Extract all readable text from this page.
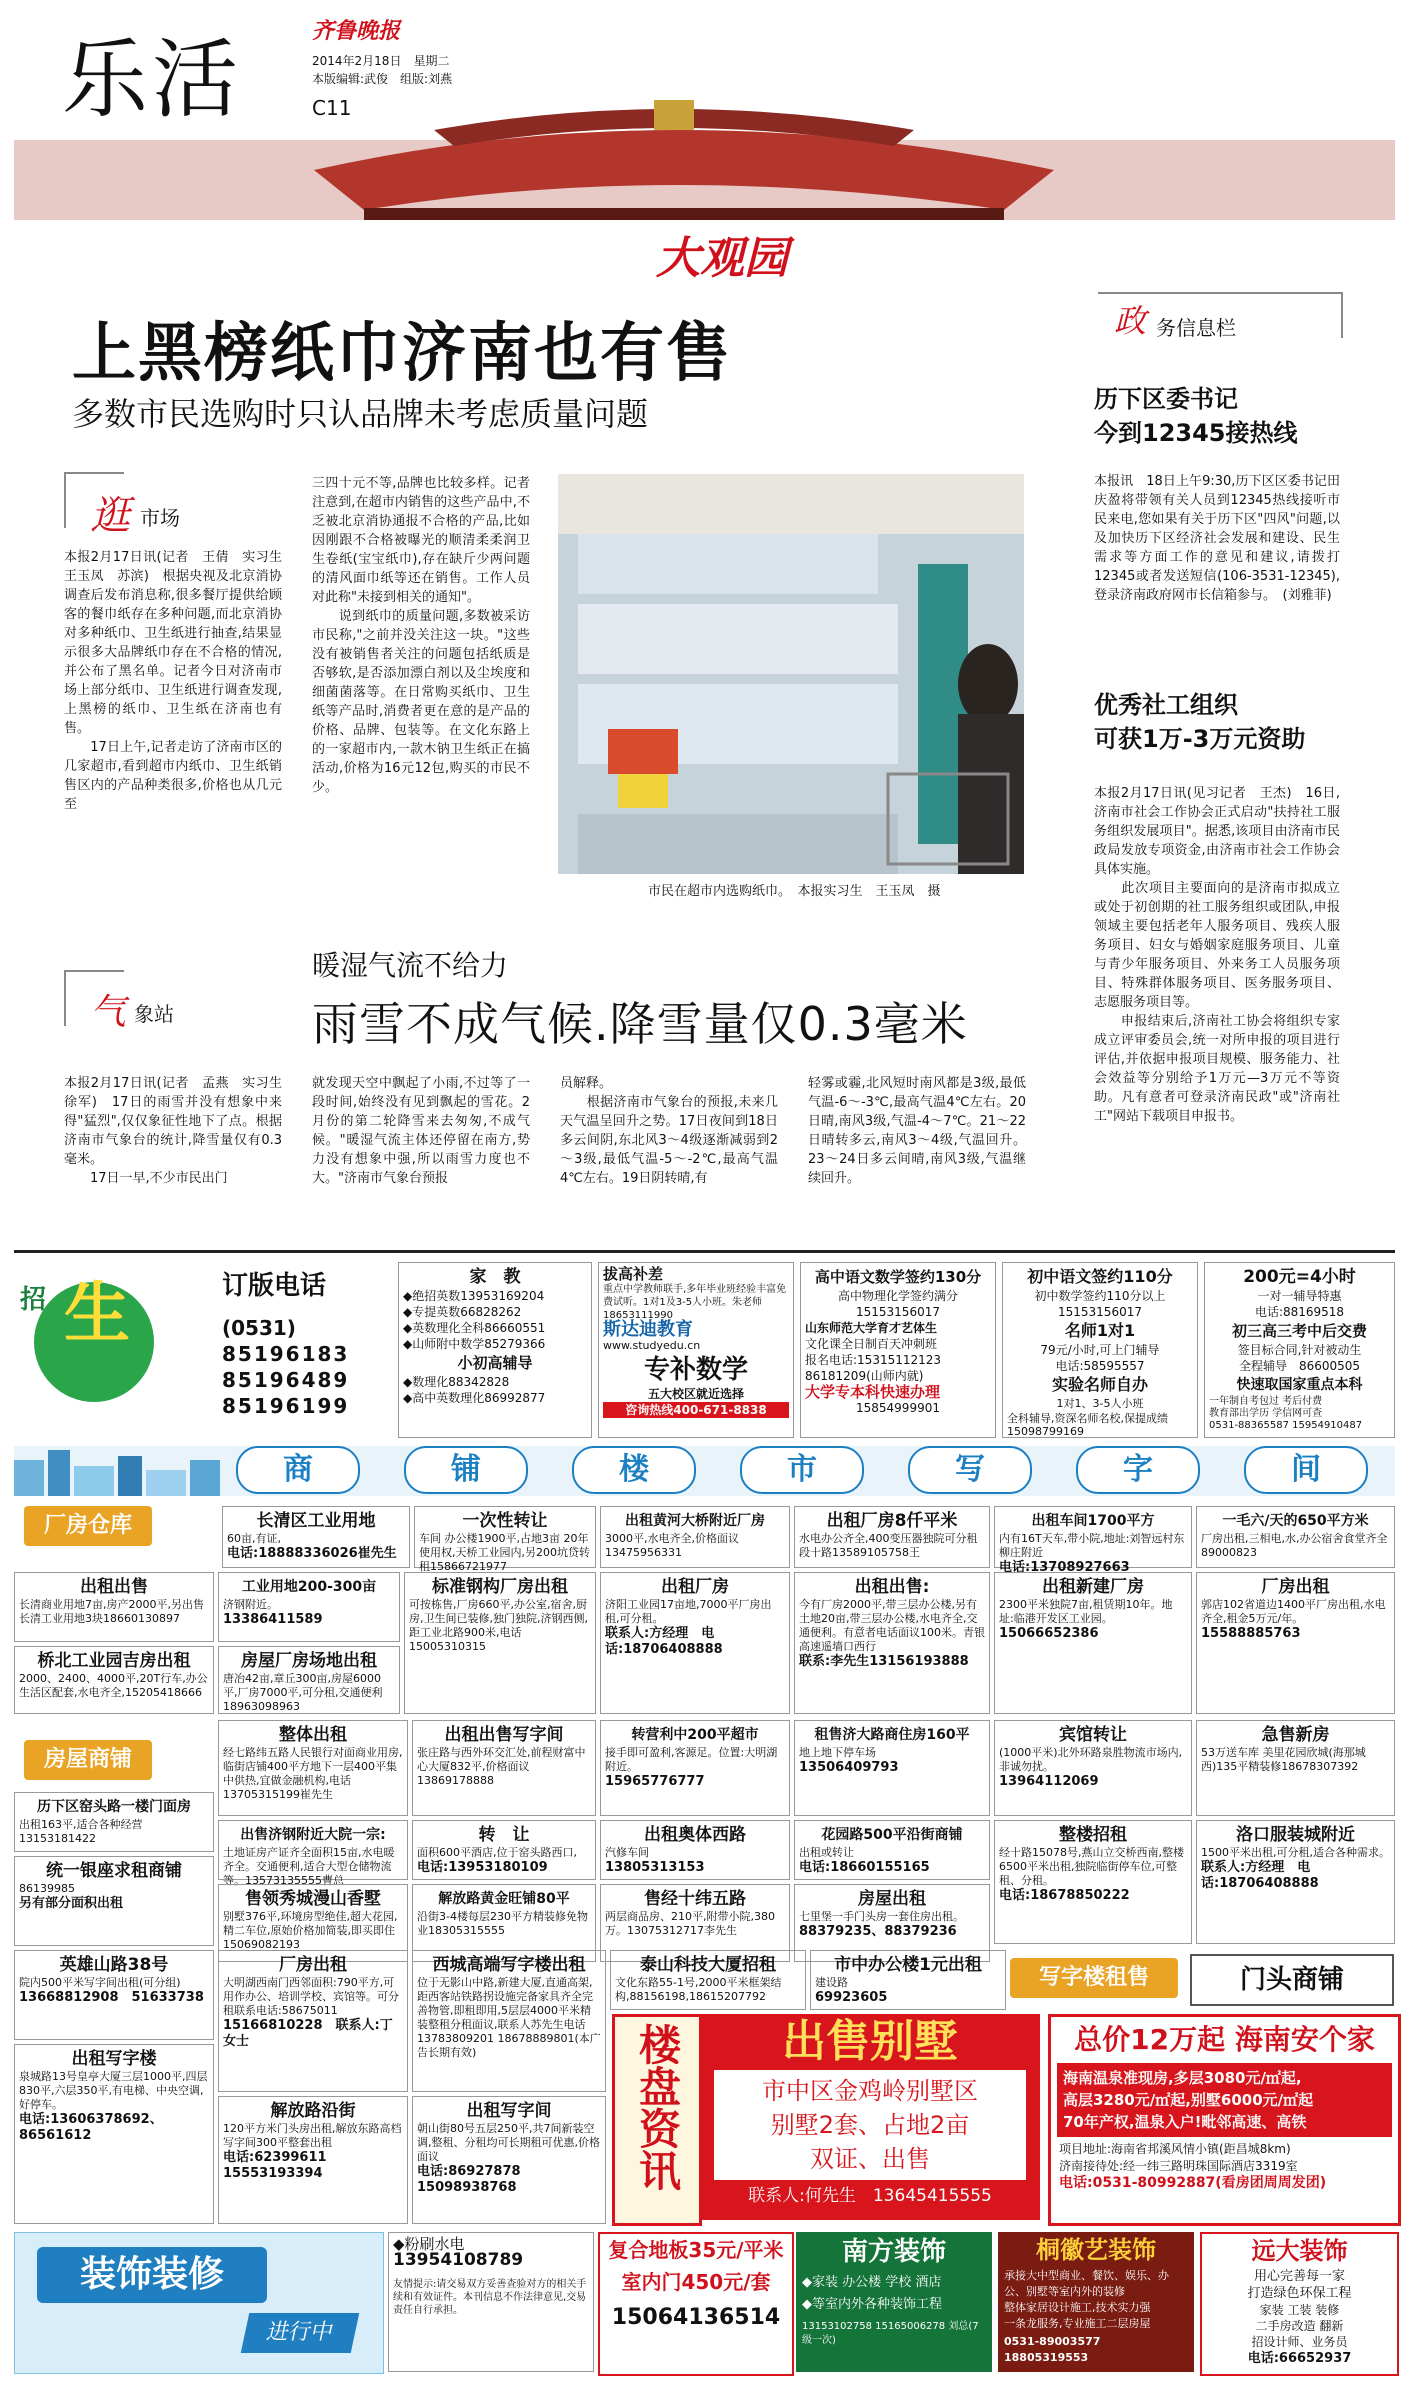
乐活	齐鲁晚报
2014年2月18日　星期二
本版编辑:武俊　组版:刘燕
C11
大观园
上黑榜纸巾济南也有售
多数市民选购时只认品牌未考虑质量问题
逛 市场
本报2月17日讯(记者　王倩　实习生　王玉凤　苏滨)　根据央视及北京消协调查后发布消息称,很多餐厅提供给顾客的餐巾纸存在多种问题,而北京消协对多种纸巾、卫生纸进行抽查,结果显示很多大品牌纸巾存在不合格的情况,并公布了黑名单。记者今日对济南市场上部分纸巾、卫生纸进行调查发现,上黑榜的纸巾、卫生纸在济南也有售。
　　17日上午,记者走访了济南市区的几家超市,看到超市内纸巾、卫生纸销售区内的产品种类很多,价格也从几元至
三四十元不等,品牌也比较多样。记者注意到,在超市内销售的这些产品中,不乏被北京消协通报不合格的产品,比如因刚跟不合格被曝光的顺清柔柔润卫生卷纸(宝宝纸巾),存在缺斤少两问题的清风面巾纸等还在销售。工作人员对此称"未接到相关的通知"。
　　说到纸巾的质量问题,多数被采访市民称,"之前并没关注这一块。"这些没有被销售者关注的问题包括纸质是否够软,是否添加漂白剂以及尘埃度和细菌菌落等。在日常购买纸巾、卫生纸等产品时,消费者更在意的是产品的价格、品牌、包装等。在文化东路上的一家超市内,一款木钠卫生纸正在搞活动,价格为16元12包,购买的市民不少。
市民在超市内选购纸巾。　本报实习生　王玉凤　摄
暖湿气流不给力
雨雪不成气候.降雪量仅0.3毫米
气 象站
本报2月17日讯(记者　孟燕　实习生　徐军)　17日的雨雪并没有想象中来得"猛烈",仅仅象征性地下了点。根据济南市气象台的统计,降雪量仅有0.3毫米。
　　17日一早,不少市民出门
就发现天空中飘起了小雨,不过等了一段时间,始终没有见到飘起的雪花。2月份的第二轮降雪来去匆匆,不成气候。"暖湿气流主体还停留在南方,势力没有想象中强,所以雨雪力度也不大。"济南市气象台预报
员解释。
　　根据济南市气象台的预报,未来几天气温呈回升之势。17日夜间到18日多云间阴,东北风3～4级逐渐减弱到2～3级,最低气温-5～-2℃,最高气温4℃左右。19日阴转晴,有
轻雾或霾,北风短时南风都是3级,最低气温-6～-3℃,最高气温4℃左右。20日晴,南风3级,气温-4～7℃。21～22日晴转多云,南风3～4级,气温回升。23～24日多云间晴,南风3级,气温继续回升。
政 务信息栏
历下区委书记
今到12345接热线
本报讯　18日上午9:30,历下区区委书记田庆盈将带领有关人员到12345热线接听市民来电,您如果有关于历下区"四风"问题,以及加快历下区经济社会发展和建设、民生需求等方面工作的意见和建议,请拨打12345或者发送短信(106-3531-12345),登录济南政府网市长信箱参与。　(刘雅菲)
优秀社工组织
可获1万-3万元资助
本报2月17日讯(见习记者　王杰)　16日,济南市社会工作协会正式启动"扶持社工服务组织发展项目"。据悉,该项目由济南市民政局发放专项资金,由济南市社会工作协会具体实施。
　　此次项目主要面向的是济南市拟成立或处于初创期的社工服务组织或团队,申报领域主要包括老年人服务项目、残疾人服务项目、妇女与婚姻家庭服务项目、儿童与青少年服务项目、外来务工人员服务项目、特殊群体服务项目、医务服务项目、志愿服务项目等。
　　申报结束后,济南社工协会将组织专家成立评审委员会,统一对所申报的项目进行评估,并依据申报项目规模、服务能力、社会效益等分别给予1万元—3万元不等资助。凡有意者可登录济南民政"或"济南社工"网站下载项目申报书。
招 生	订版电话
(0531)
85196183
85196489
85196199
家　教
◆绝招英数13953169204
◆专提英数66828262
◆英数理化全科86660551
◆山师附中数学85279366
小初高辅导
◆数理化88342828
◆高中英数理化86992877
拔高补差
重点中学教师联手,多年毕业班经验丰富免费试听。1对1及3-5人小班。朱老师18653111990
斯达迪教育
www.studyedu.cn
专补数学
五大校区就近选择
咨询热线400-671-8838
高中语文数学签约130分
高中物理化学签约满分
15153156017
山东师范大学育才艺体生
文化课全日制百天冲刺班
报名电话:15315112123
86181209(山师内就)
大学专本科快速办理
15854999901
初中语文签约110分
初中数学签约110分以上
15153156017
名师1对1
79元/小时,可上门辅导
电话:58595557
实验名师自办
1对1、3-5人小班
全科辅导,资深名师名校,保提成绩　15098799169
200元=4小时
一对一辅导特惠
电话:88169518
初三高三考中后交费
签目标合同,针对被动生
全程辅导　86600505
快速取国家重点本科
一年制自考包过 考后付费
教育部出学历 学信网可查
0531-88365587 15954910487
商	铺	楼	市	写	字	间
厂房仓库
房屋商铺
写字楼租售	门头商铺
长清区工业用地
60亩,有证,
电话:18888336026崔先生
一次性转让
车间 办公楼1900平,占地3亩 20年使用权,天桥工业园内,另200坑贷转租15866721977
出租黄河大桥附近厂房
3000平,水电齐全,价格面议13475956331
出租厂房8仟平米
水电办公齐全,400变压器独院可分租段十路13589105758王
出租车间1700平方
内有16T天车,带小院,地址:刘智远村东柳庄附近
电话:13708927663
一毛六/天的650平方米
厂房出租,三相电,水,办公宿舍食堂齐全89000823
出租出售
长清商业用地7亩,房产2000平,另出售长清工业用地3块18660130897
工业用地200-300亩
济钢附近。
13386411589
标准钢构厂房出租
可按栋售,厂房660平,办公室,宿舍,厨房,卫生间已装修,独门独院,济钢西侧,距工业北路900米,电话15005310315
出租厂房
济阳工业园17亩地,7000平厂房出租,可分租。
联系人:方经理　电话:18706408888
出租出售:
今有厂房2000平,带三层办公楼,另有土地20亩,带三层办公楼,水电齐全,交通便利。有意者电话面议100米。青银高速遥墙口西行
联系:李先生13156193888
出租新建厂房
2300平米独院7亩,租赁期10年。地址:临港开发区工业园。
15066652386
厂房出租
郭店102省道边1400平厂房出租,水电齐全,租金5万元/年。
15588885763
桥北工业园吉房出租
2000、2400、4000平,20T行车,办公生活区配套,水电齐全,15205418666
房屋厂房场地出租
唐冶42亩,章丘300亩,房屋6000平,厂房7000平,可分租,交通便利18963098963
整体出租
经七路纬五路人民银行对面商业用房,临街店铺400平方地下一层400平集中供热,宜做金融机构,电话13705315199崔先生
出租出售写字间
张庄路与西外环交汇处,前程财富中心大厦832平,价格面议13869178888
转营利中200平超市
接手即可盈利,客源足。位置:大明湖附近。
15965776777
租售济大路商住房160平
地上地下停车场
13506409793
宾馆转让
(1000平米)北外环路泉胜物流市场内,非诚勿扰。
13964112069
急售新房
53万送车库 美里花园欣城(海那城西)135平精装修18678307392
历下区窑头路一楼门面房
出租163平,适合各种经营13153181422	出售济钢附近大院一宗:
土地证房产证齐全面积15亩,水电暖齐全。交通便利,适合大型仓储物流等。13573135555曹总
转　让
面积600平酒店,位于窑头路西口,
电话:13953180109
出租奥体西路
汽修车间
13805313153
花园路500平沿街商铺
出租或转让
电话:18660155165
整楼招租
经十路15078号,燕山立交桥西南,整楼6500平米出租,独院临街停车位,可整租、分租。
电话:18678850222
洛口服装城附近
1500平米出租,可分租,适合各种需求。
联系人:方经理　电话:18706408888
统一银座求租商铺
86139985
另有部分面积出租	售领秀城漫山香墅
别墅376平,环境房型绝佳,超大花园,精二车位,原始价格加简装,即买即住15069082193
解放路黄金旺铺80平
沿街3-4楼每层230平方精装修免物业18305315555
售经十纬五路
两层商品房、210平,附带小院,380万。13075312717李先生
房屋出租
七里堡一手门头房一套住房出租。
88379235、88379236
英雄山路38号
院内500平米写字间出租(可分组)
13668812908　51633738
厂房出租
大明湖西南门西邻面积:790平方,可用作办公、培训学校、宾馆等。可分租联系电话:58675011
15166810228　联系人:丁女士
西城高端写字楼出租
位于无影山中路,新建大厦,直通高架,距西客站铁路拐设施完备家具齐全完善物管,即租即用,5层层4000平米精装整租分租面议,联系人苏先生电话13783809201 18678889801(本广告长期有效)
泰山科技大厦招租
文化东路55-1号,2000平米框架结构,88156198,18615207792
市中办公楼1元出租
建设路
69923605
出租写字楼
泉城路13号皇亭大厦三层1000平,四层830平,六层350平,有电梯、中央空调,好停车。
电话:13606378692、86561612
解放路沿街
120平方米门头房出租,解放东路高档写字间300平整套出租
电话:62399611　15553193394
出租写字间
朝山街80号五层250平,共7间新装空调,整租、分租均可长期租可优惠,价格面议
电话:86927878　15098938768	楼盘资讯	出售别墅
市中区金鸡岭别墅区
别墅2套、占地2亩
双证、出售
联系人:何先生　13645415555
总价12万起 海南安个家
海南温泉准现房,多层3080元/㎡起,
高层3280元/㎡起,别墅6000元/㎡起
70年产权,温泉入户!毗邻高速、高铁
项目地址:海南省邦溪风情小镇(距昌城8km)
济南接待处:经一纬三路明珠国际酒店3319室
电话:0531-80992887(看房团周周发团)
装饰装修
进行中
◆粉刷水电
13954108789
友情提示:请交易双方妥善查验对方的相关手续和有效证件。本刊信息不作法律意见,交易责任自行承担。
复合地板35元/平米
室内门450元/套
15064136514
南方装饰
◆家装 办公楼 学校 酒店
◆等室内外各种装饰工程
13153102758 15165006278 刘总(7级一次)
桐徽艺装饰
承接大中型商业、餐饮、娱乐、办公、别墅等室内外的装修
整体家居设计施工,技术实力强
一条龙服务,专业施工二层房屋
0531-89003577 18805319553
远大装饰
用心完善每一家
打造绿色环保工程
家装 工装 装修
二手房改造 翻新
招设计师、业务员
电话:66652937
